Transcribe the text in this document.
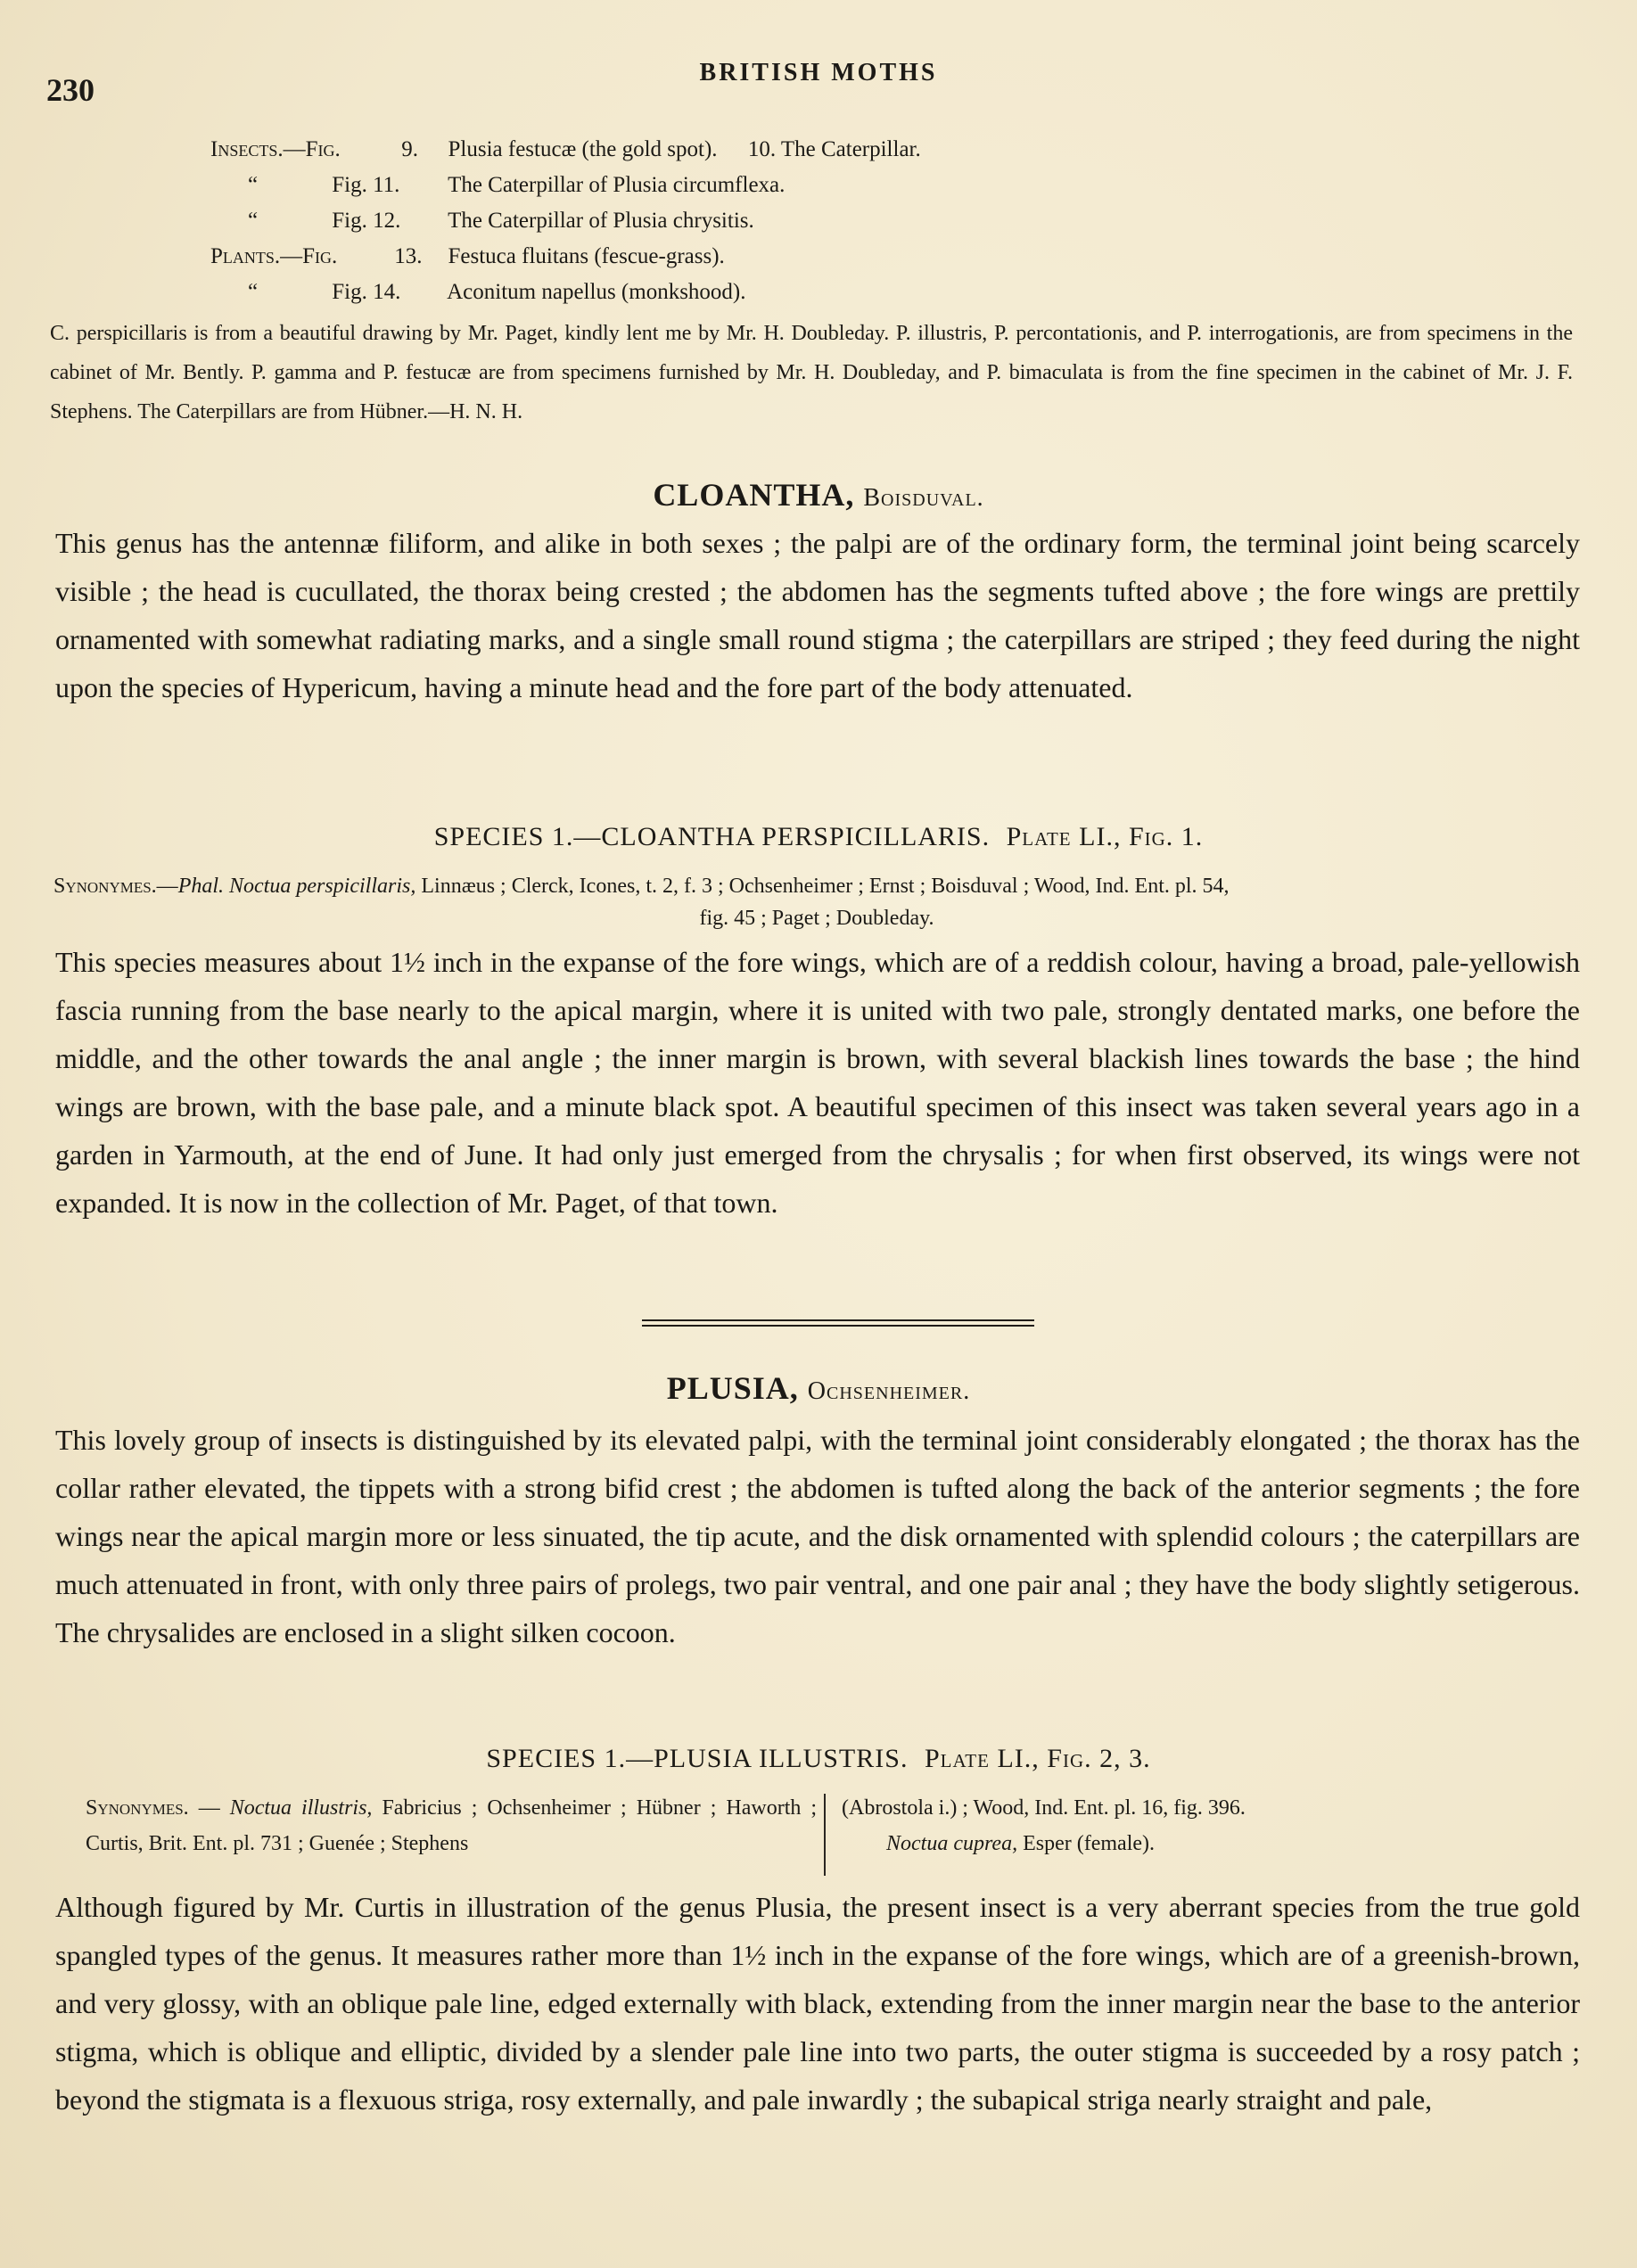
230	BRITISH MOTHS
Insects.—Fig.	9. Plusia festucæ (the gold spot). 10. The Caterpillar.
“	Fig. 11. The Caterpillar of Plusia circumflexa.
“	Fig. 12. The Caterpillar of Plusia chrysitis.
Plants.—Fig.	13. Festuca fluitans (fescue-grass).
“	Fig. 14. Aconitum napellus (monkshood).
C. perspicillaris is from a beautiful drawing by Mr. Paget, kindly lent me by Mr. H. Doubleday. P. illustris, P. percontationis, and P. interrogationis, are from specimens in the cabinet of Mr. Bently. P. gamma and P. festucæ are from specimens furnished by Mr. H. Doubleday, and P. bimaculata is from the fine specimen in the cabinet of Mr. J. F. Stephens. The Caterpillars are from Hübner.—H. N. H.
CLOANTHA, Boisduval.
This genus has the antennæ filiform, and alike in both sexes ; the palpi are of the ordinary form, the terminal joint being scarcely visible ; the head is cucullated, the thorax being crested ; the abdomen has the segments tufted above ; the fore wings are prettily ornamented with somewhat radiating marks, and a single small round stigma ; the caterpillars are striped ; they feed during the night upon the species of Hypericum, having a minute head and the fore part of the body attenuated.
SPECIES 1.—CLOANTHA PERSPICILLARIS. Plate LI., Fig. 1.
Synonymes.—Phal. Noctua perspicillaris, Linnæus ; Clerck, Icones, t. 2, f. 3 ; Ochsenheimer ; Ernst ; Boisduval ; Wood, Ind. Ent. pl. 54,
fig. 45 ; Paget ; Doubleday.
This species measures about 1½ inch in the expanse of the fore wings, which are of a reddish colour, having a broad, pale-yellowish fascia running from the base nearly to the apical margin, where it is united with two pale, strongly dentated marks, one before the middle, and the other towards the anal angle ; the inner margin is brown, with several blackish lines towards the base ; the hind wings are brown, with the base pale, and a minute black spot. A beautiful specimen of this insect was taken several years ago in a garden in Yarmouth, at the end of June. It had only just emerged from the chrysalis ; for when first observed, its wings were not expanded. It is now in the collection of Mr. Paget, of that town.
PLUSIA, Ochsenheimer.
This lovely group of insects is distinguished by its elevated palpi, with the terminal joint considerably elongated ; the thorax has the collar rather elevated, the tippets with a strong bifid crest ; the abdomen is tufted along the back of the anterior segments ; the fore wings near the apical margin more or less sinuated, the tip acute, and the disk ornamented with splendid colours ; the caterpillars are much attenuated in front, with only three pairs of prolegs, two pair ventral, and one pair anal ; they have the body slightly setigerous. The chrysalides are enclosed in a slight silken cocoon.
SPECIES 1.—PLUSIA ILLUSTRIS. Plate LI., Fig. 2, 3.
Synonymes. — Noctua illustris, Fabricius ; Ochsenheimer ; Hübner ; Haworth ; Curtis, Brit. Ent. pl. 731 ; Guenée ; Stephens
(Abrostola i.) ; Wood, Ind. Ent. pl. 16, fig. 396.
Noctua cuprea, Esper (female).
Although figured by Mr. Curtis in illustration of the genus Plusia, the present insect is a very aberrant species from the true gold spangled types of the genus. It measures rather more than 1½ inch in the expanse of the fore wings, which are of a greenish-brown, and very glossy, with an oblique pale line, edged externally with black, extending from the inner margin near the base to the anterior stigma, which is oblique and elliptic, divided by a slender pale line into two parts, the outer stigma is succeeded by a rosy patch ; beyond the stigmata is a flexuous striga, rosy externally, and pale inwardly ; the subapical striga nearly straight and pale,
